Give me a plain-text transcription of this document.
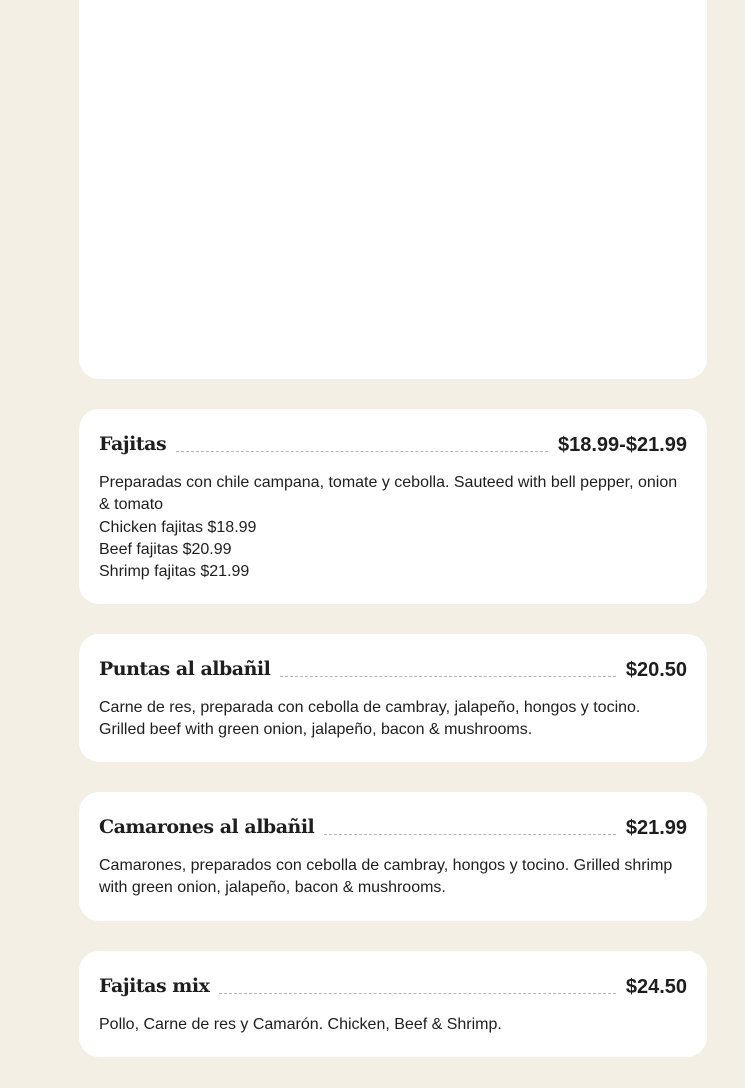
Fajitas	$18.99-$21.99
Preparadas con chile campana, tomate y cebolla. Sauteed with bell pepper, onion & tomato
Chicken fajitas $18.99
Beef fajitas $20.99
Shrimp fajitas $21.99
Puntas al albañil	$20.50
Carne de res, preparada con cebolla de cambray, jalapeño, hongos y tocino. Grilled beef with green onion, jalapeño, bacon & mushrooms.
Camarones al albañil	$21.99
Camarones, preparados con cebolla de cambray, hongos y tocino. Grilled shrimp with green onion, jalapeño, bacon & mushrooms.
Fajitas mix	$24.50
Pollo, Carne de res y Camarón. Chicken, Beef & Shrimp.
